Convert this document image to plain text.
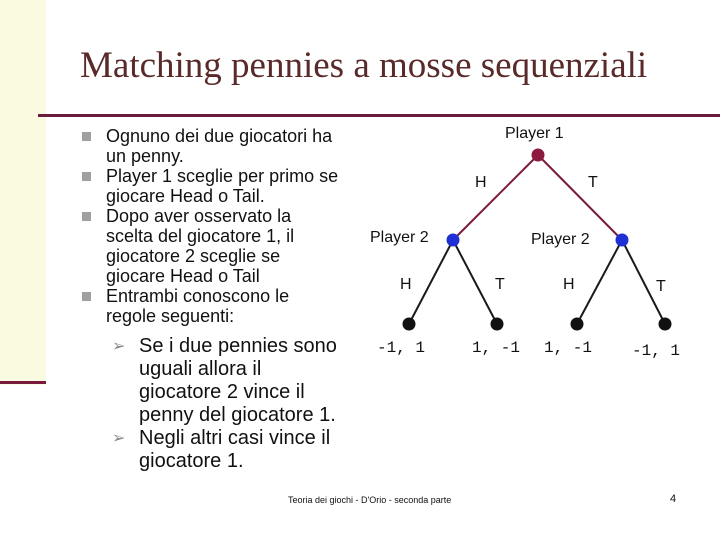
Matching pennies a mosse sequenziali
Ognuno dei due giocatori ha
un penny.
Player 1 sceglie per primo se
giocare Head o Tail.
Dopo aver osservato la
scelta del giocatore 1, il
giocatore 2 sceglie se
giocare Head o Tail
Entrambi conoscono le
regole seguenti:
➢ Se i due pennies sono
uguali allora il
giocatore 2 vince il
penny del giocatore 1.
➢ Negli altri casi vince il
giocatore 1.
Player 1
H	T
Player 2	Player 2
H	T	H	T
-1, 1	1, -1 1, -1 -1, 1
Teoria dei giochi - D'Orio - seconda parte	4
